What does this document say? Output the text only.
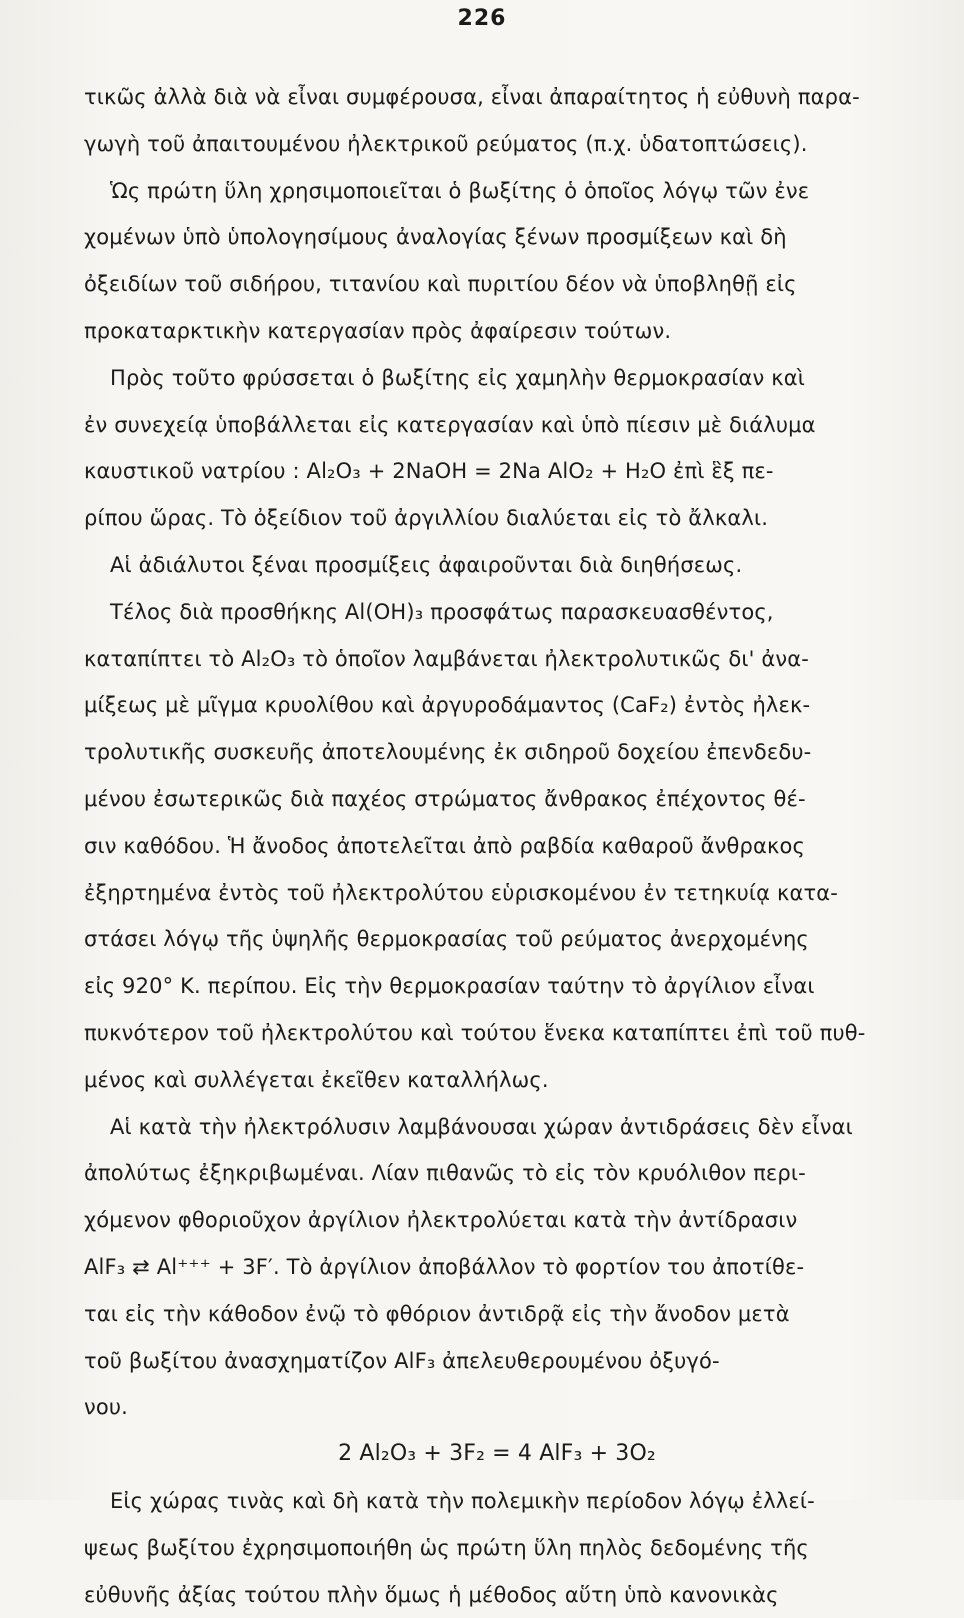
226
τικῶς ἀλλὰ διὰ νὰ εἶναι συμφέρουσα, εἶναι ἀπαραίτητος ἡ εὐθυνὴ παρα-
γωγὴ τοῦ ἀπαιτουμένου ἠλεκτρικοῦ ρεύματος (π.χ. ὑδατοπτώσεις).
Ὡς πρώτη ὕλη χρησιμοποιεῖται ὁ βωξίτης ὁ ὁποῖος λόγῳ τῶν ἐνε
χομένων ὑπὸ ὑπολογησίμους ἀναλογίας ξένων προσμίξεων καὶ δὴ
ὀξειδίων τοῦ σιδήρου, τιτανίου καὶ πυριτίου δέον νὰ ὑποβληθῇ εἰς
προκαταρκτικὴν κατεργασίαν πρὸς ἀφαίρεσιν τούτων.
Πρὸς τοῦτο φρύσσεται ὁ βωξίτης εἰς χαμηλὴν θερμοκρασίαν καὶ
ἐν συνεχείᾳ ὑποβάλλεται εἰς κατεργασίαν καὶ ὑπὸ πίεσιν μὲ διάλυμα
καυστικοῦ νατρίου : Al₂O₃ + 2NaOH = 2Na AlO₂ + H₂O ἐπὶ ἓξ πε-
ρίπου ὥρας. Τὸ ὀξείδιον τοῦ ἀργιλλίου διαλύεται εἰς τὸ ἄλκαλι.
Αἱ ἀδιάλυτοι ξέναι προσμίξεις ἀφαιροῦνται διὰ διηθήσεως.
Τέλος διὰ προσθήκης Al(OH)₃ προσφάτως παρασκευασθέντος,
καταπίπτει τὸ Al₂O₃ τὸ ὁποῖον λαμβάνεται ἠλεκτρολυτικῶς δι' ἀνα-
μίξεως μὲ μῖγμα κρυολίθου καὶ ἀργυροδάμαντος (CaF₂) ἐντὸς ἠλεκ-
τρολυτικῆς συσκευῆς ἀποτελουμένης ἐκ σιδηροῦ δοχείου ἐπενδεδυ-
μένου ἐσωτερικῶς διὰ παχέος στρώματος ἄνθρακος ἐπέχοντος θέ-
σιν καθόδου. Ἡ ἄνοδος ἀποτελεῖται ἀπὸ ραβδία καθαροῦ ἄνθρακος
ἐξηρτημένα ἐντὸς τοῦ ἠλεκτρολύτου εὑρισκομένου ἐν τετηκυίᾳ κατα-
στάσει λόγῳ τῆς ὑψηλῆς θερμοκρασίας τοῦ ρεύματος ἀνερχομένης
εἰς 920° K. περίπου. Εἰς τὴν θερμοκρασίαν ταύτην τὸ ἀργίλιον εἶναι
πυκνότερον τοῦ ἠλεκτρολύτου καὶ τούτου ἕνεκα καταπίπτει ἐπὶ τοῦ πυθ-
μένος καὶ συλλέγεται ἐκεῖθεν καταλλήλως.
Αἱ κατὰ τὴν ἠλεκτρόλυσιν λαμβάνουσαι χώραν ἀντιδράσεις δὲν εἶναι
ἀπολύτως ἐξηκριβωμέναι. Λίαν πιθανῶς τὸ εἰς τὸν κρυόλιθον περι-
χόμενον φθοριοῦχον ἀργίλιον ἠλεκτρολύεται κατὰ τὴν ἀντίδρασιν
AlF₃ ⇄ Al⁺⁺⁺ + 3F′. Τὸ ἀργίλιον ἀποβάλλον τὸ φορτίον του ἀποτίθε-
ται εἰς τὴν κάθοδον ἐνῷ τὸ φθόριον ἀντιδρᾷ εἰς τὴν ἄνοδον μετὰ
τοῦ βωξίτου ἀνασχηματίζον AlF₃ ἀπελευθερουμένου ὀξυγό-
νου.
2 Al₂O₃ + 3F₂ = 4 AlF₃ + 3O₂
Εἰς χώρας τινὰς καὶ δὴ κατὰ τὴν πολεμικὴν περίοδον λόγῳ ἐλλεί-
ψεως βωξίτου ἐχρησιμοποιήθη ὡς πρώτη ὕλη πηλὸς δεδομένης τῆς
εὐθυνῆς ἀξίας τούτου πλὴν ὅμως ἡ μέθοδος αὕτη ὑπὸ κανονικὰς
